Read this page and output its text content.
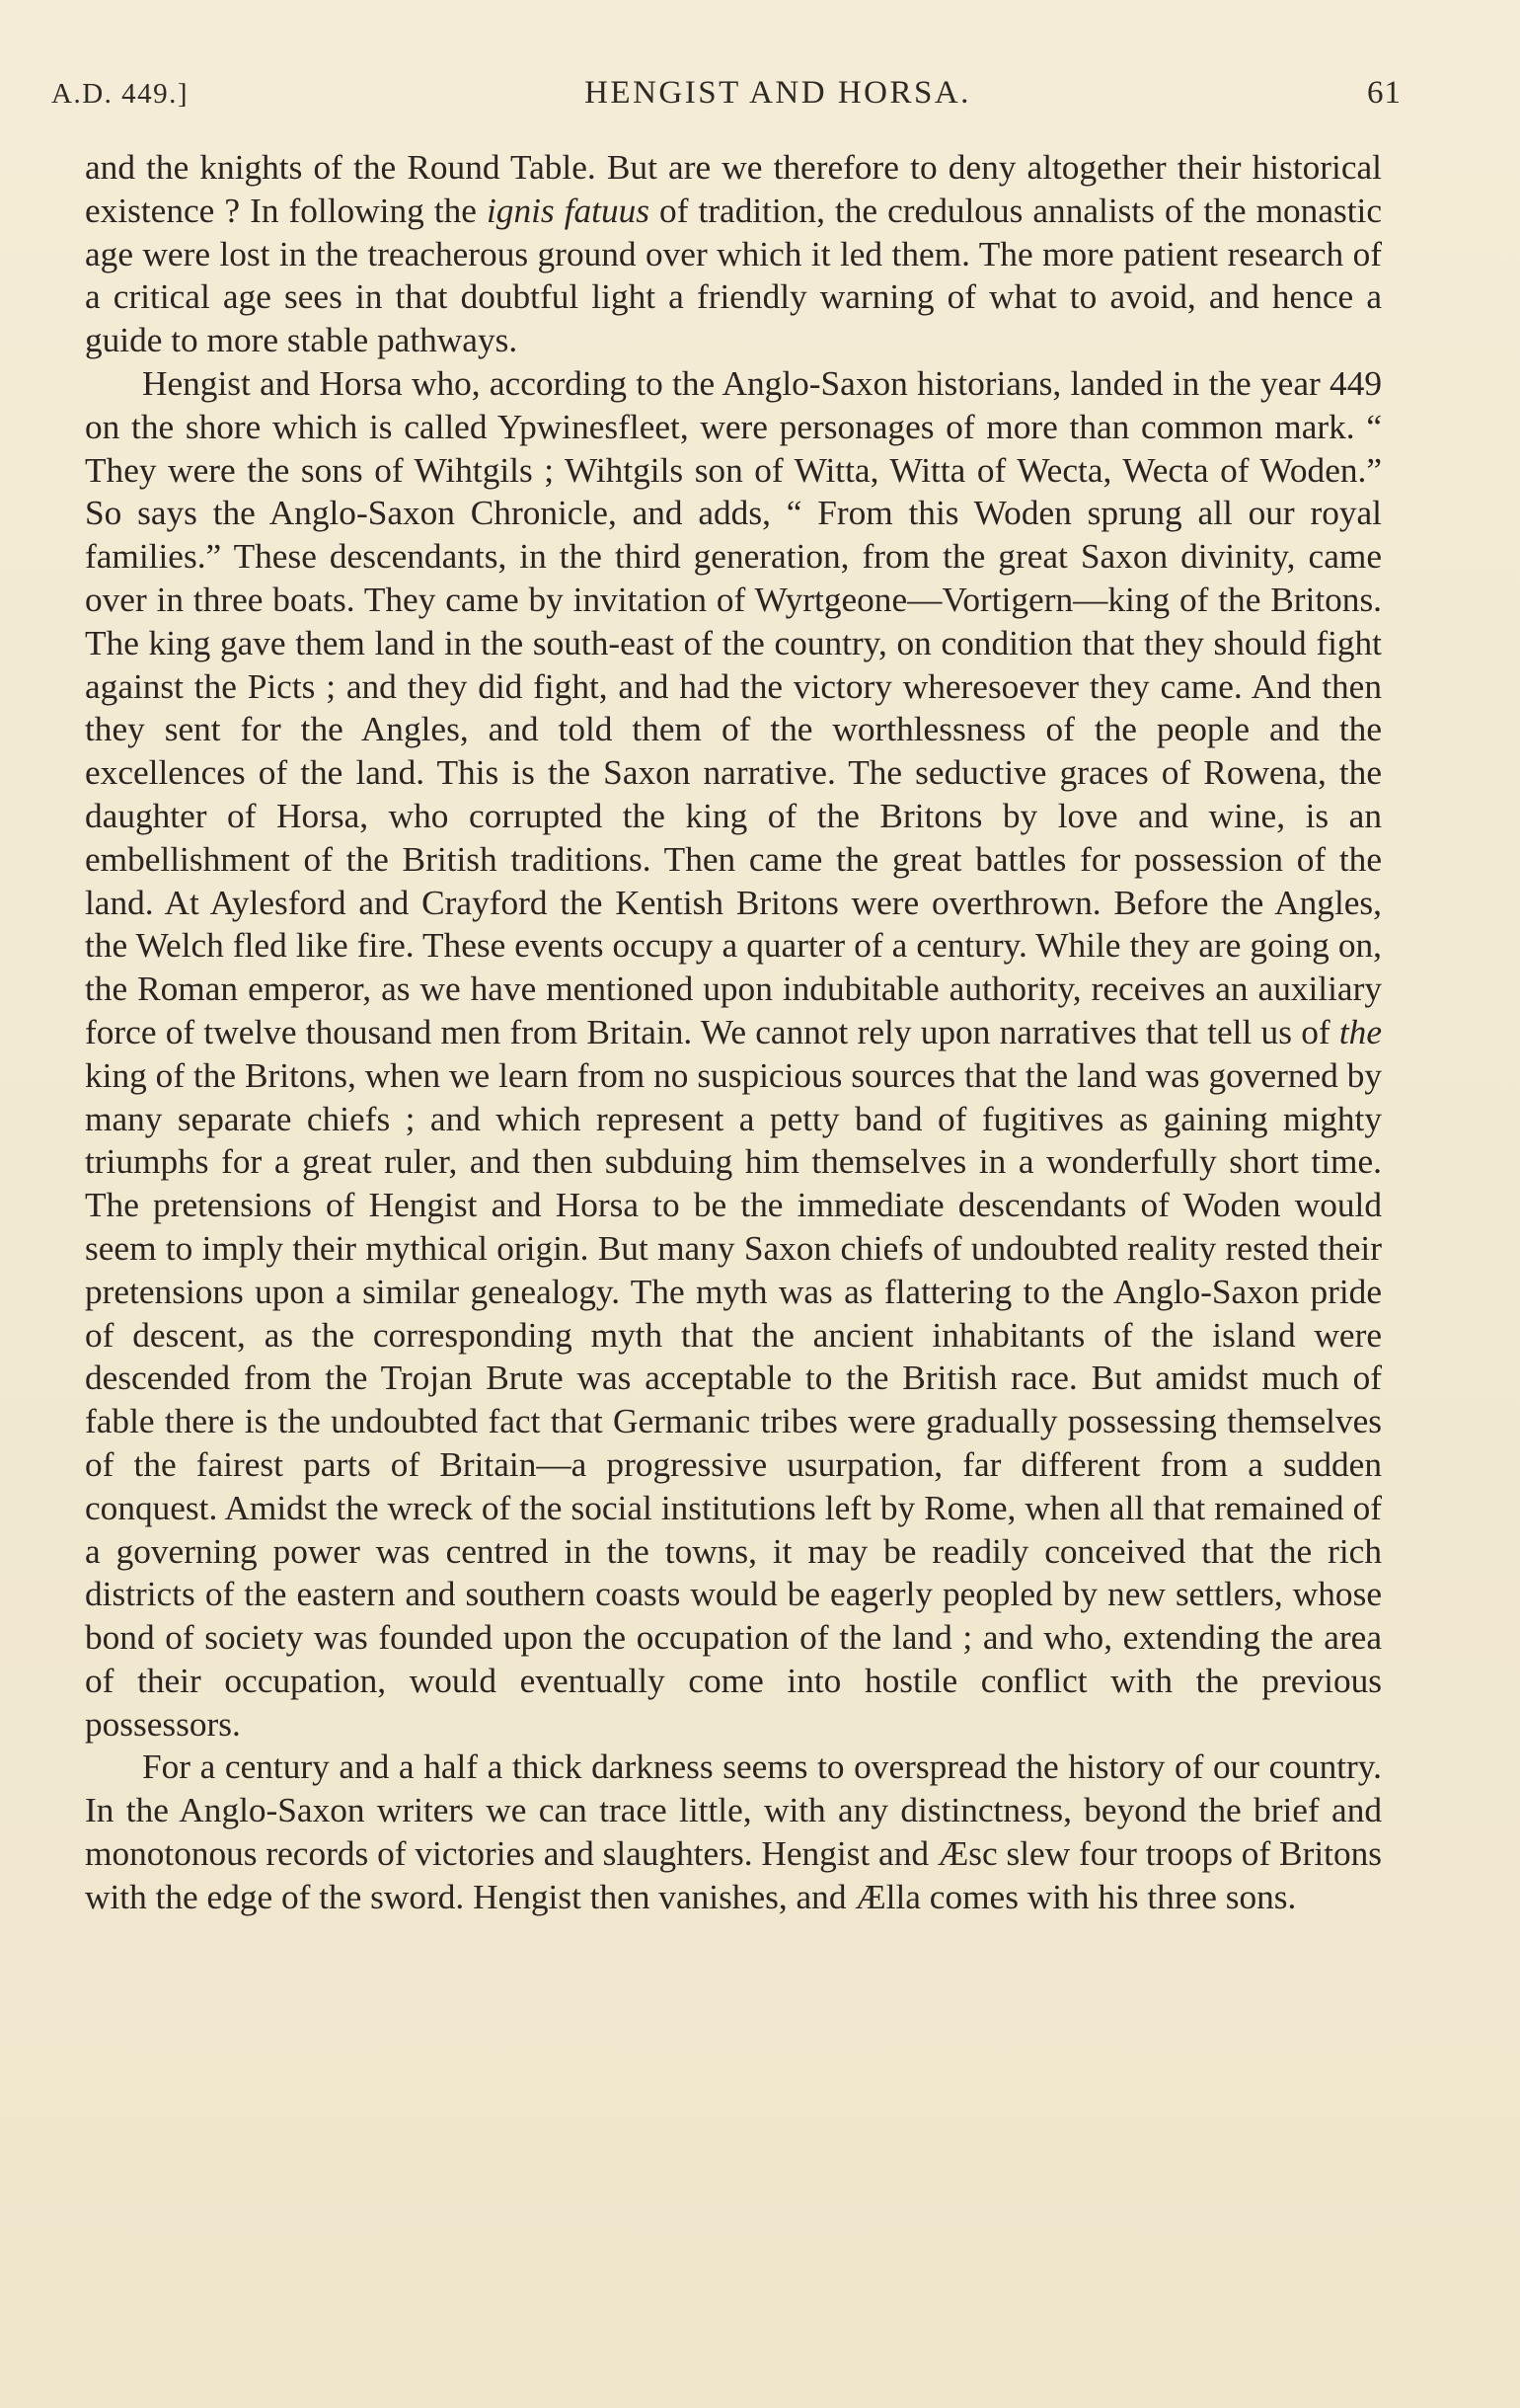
A.D. 449.]	HENGIST AND HORSA.	61

and the knights of the Round Table. But are we therefore to deny altogether their historical existence ? In following the ignis fatuus of tradition, the credulous annalists of the monastic age were lost in the treacherous ground over which it led them. The more patient research of a critical age sees in that doubtful light a friendly warning of what to avoid, and hence a guide to more stable pathways.

Hengist and Horsa who, according to the Anglo-Saxon historians, landed in the year 449 on the shore which is called Ypwinesfleet, were personages of more than common mark. “ They were the sons of Wihtgils ; Wihtgils son of Witta, Witta of Wecta, Wecta of Woden.” So says the Anglo-Saxon Chronicle, and adds, “ From this Woden sprung all our royal families.” These descendants, in the third generation, from the great Saxon divinity, came over in three boats. They came by invitation of Wyrtgeone—Vortigern—king of the Britons. The king gave them land in the south-east of the country, on condition that they should fight against the Picts ; and they did fight, and had the victory wheresoever they came. And then they sent for the Angles, and told them of the worthlessness of the people and the excellences of the land. This is the Saxon narrative. The seductive graces of Rowena, the daughter of Horsa, who corrupted the king of the Britons by love and wine, is an embellishment of the British traditions. Then came the great battles for possession of the land. At Aylesford and Crayford the Kentish Britons were overthrown. Before the Angles, the Welch fled like fire. These events occupy a quarter of a century. While they are going on, the Roman emperor, as we have mentioned upon indubitable authority, receives an auxiliary force of twelve thousand men from Britain. We cannot rely upon narratives that tell us of the king of the Britons, when we learn from no suspicious sources that the land was governed by many separate chiefs ; and which represent a petty band of fugitives as gaining mighty triumphs for a great ruler, and then subduing him themselves in a wonderfully short time. The pretensions of Hengist and Horsa to be the immediate descendants of Woden would seem to imply their mythical origin. But many Saxon chiefs of undoubted reality rested their pretensions upon a similar genealogy. The myth was as flattering to the Anglo-Saxon pride of descent, as the corresponding myth that the ancient inhabitants of the island were descended from the Trojan Brute was acceptable to the British race. But amidst much of fable there is the undoubted fact that Germanic tribes were gradually possessing themselves of the fairest parts of Britain—a progressive usurpation, far different from a sudden conquest. Amidst the wreck of the social institutions left by Rome, when all that remained of a governing power was centred in the towns, it may be readily conceived that the rich districts of the eastern and southern coasts would be eagerly peopled by new settlers, whose bond of society was founded upon the occupation of the land ; and who, extending the area of their occupation, would eventually come into hostile conflict with the previous possessors.

For a century and a half a thick darkness seems to overspread the history of our country. In the Anglo-Saxon writers we can trace little, with any distinctness, beyond the brief and monotonous records of victories and slaughters. Hengist and Æsc slew four troops of Britons with the edge of the sword. Hengist then vanishes, and Ælla comes with his three sons.
